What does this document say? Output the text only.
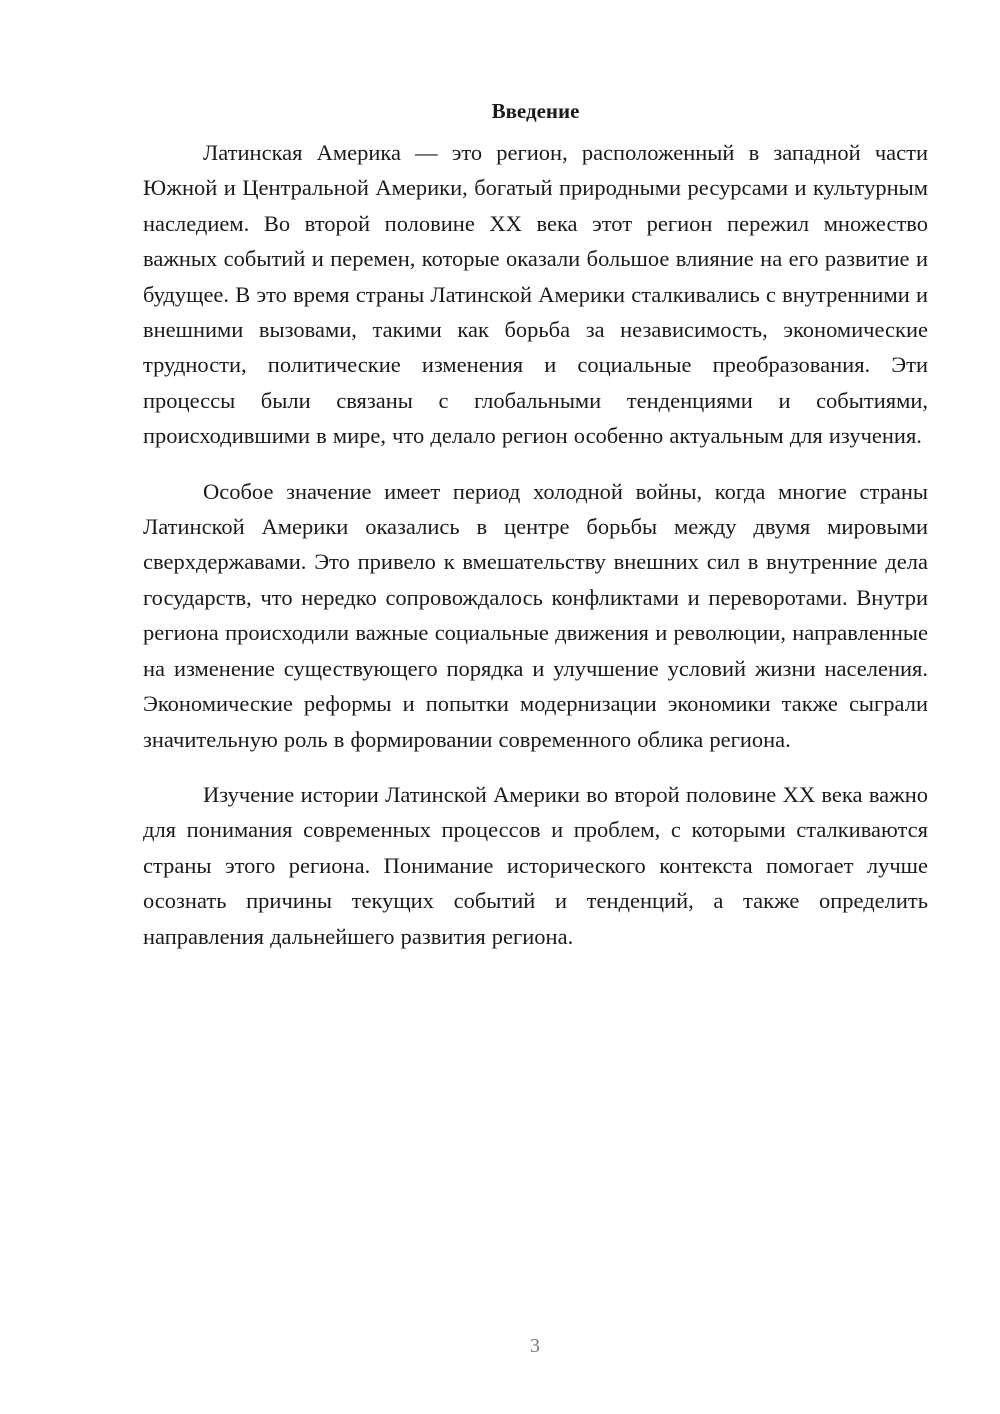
Введение

Латинская Америка — это регион, расположенный в западной части Южной и Центральной Америки, богатый природными ресурсами и культурным наследием. Во второй половине XX века этот регион пережил множество важных событий и перемен, которые оказали большое влияние на его развитие и будущее. В это время страны Латинской Америки сталкивались с внутренними и внешними вызовами, такими как борьба за независимость, экономические трудности, политические изменения и социальные преобразования. Эти процессы были связаны с глобальными тенденциями и событиями, происходившими в мире, что делало регион особенно актуальным для изучения.

Особое значение имеет период холодной войны, когда многие страны Латинской Америки оказались в центре борьбы между двумя мировыми сверхдержавами. Это привело к вмешательству внешних сил в внутренние дела государств, что нередко сопровождалось конфликтами и переворотами. Внутри региона происходили важные социальные движения и революции, направленные на изменение существующего порядка и улучшение условий жизни населения. Экономические реформы и попытки модернизации экономики также сыграли значительную роль в формировании современного облика региона.

Изучение истории Латинской Америки во второй половине XX века важно для понимания современных процессов и проблем, с которыми сталкиваются страны этого региона. Понимание исторического контекста помогает лучше осознать причины текущих событий и тенденций, а также определить направления дальнейшего развития региона.

3
